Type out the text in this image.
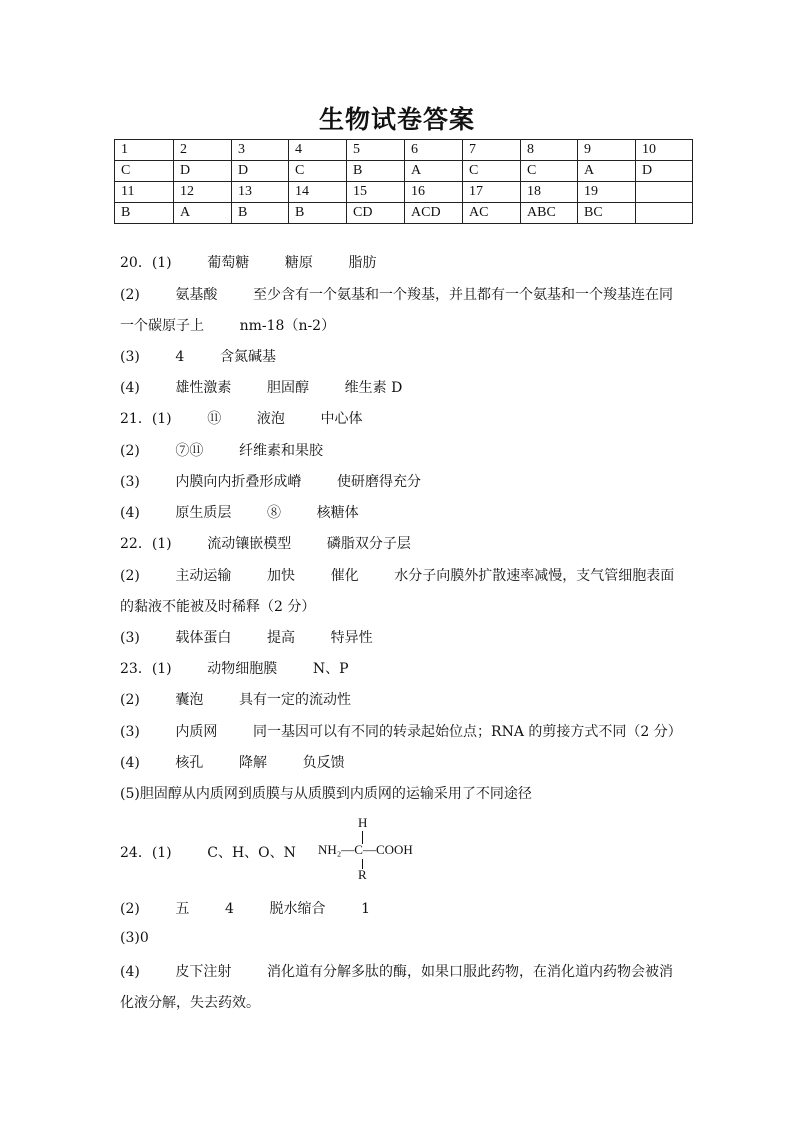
生物试卷答案
1	2	3	4	5	6	7	8	9	10
C	D	D	C	B	A	C	C	A	D
11	12	13	14	15	16	17	18	19	
B	A	B	B	CD	ACD	AC	ABC	BC	
20．(1)        葡萄糖        糖原        脂肪
(2)        氨基酸        至少含有一个氨基和一个羧基，并且都有一个氨基和一个羧基连在同
一个碳原子上        nm-18（n-2）
(3)        4        含氮碱基
(4)        雄性激素        胆固醇        维生素 D
21．(1)        ⑪        液泡        中心体
(2)        ⑦⑪        纤维素和果胶
(3)        内膜向内折叠形成嵴        使研磨得充分
(4)        原生质层        ⑧        核糖体
22．(1)        流动镶嵌模型        磷脂双分子层
(2)        主动运输        加快        催化        水分子向膜外扩散速率减慢，支气管细胞表面
的黏液不能被及时稀释（2 分）
(3)        载体蛋白        提高        特异性
23．(1)        动物细胞膜        N、P
(2)        囊泡        具有一定的流动性
(3)        内质网        同一基因可以有不同的转录起始位点；RNA 的剪接方式不同（2 分）
(4)        核孔        降解        负反馈
(5)胆固醇从内质网到质膜与从质膜到内质网的运输采用了不同途径
24．(1)        C、H、O、N
(2)        五        4        脱水缩合        1
(3)0
(4)        皮下注射        消化道有分解多肽的酶，如果口服此药物，在消化道内药物会被消
化液分解，失去药效。
H
NH₂—C—COOH
R
